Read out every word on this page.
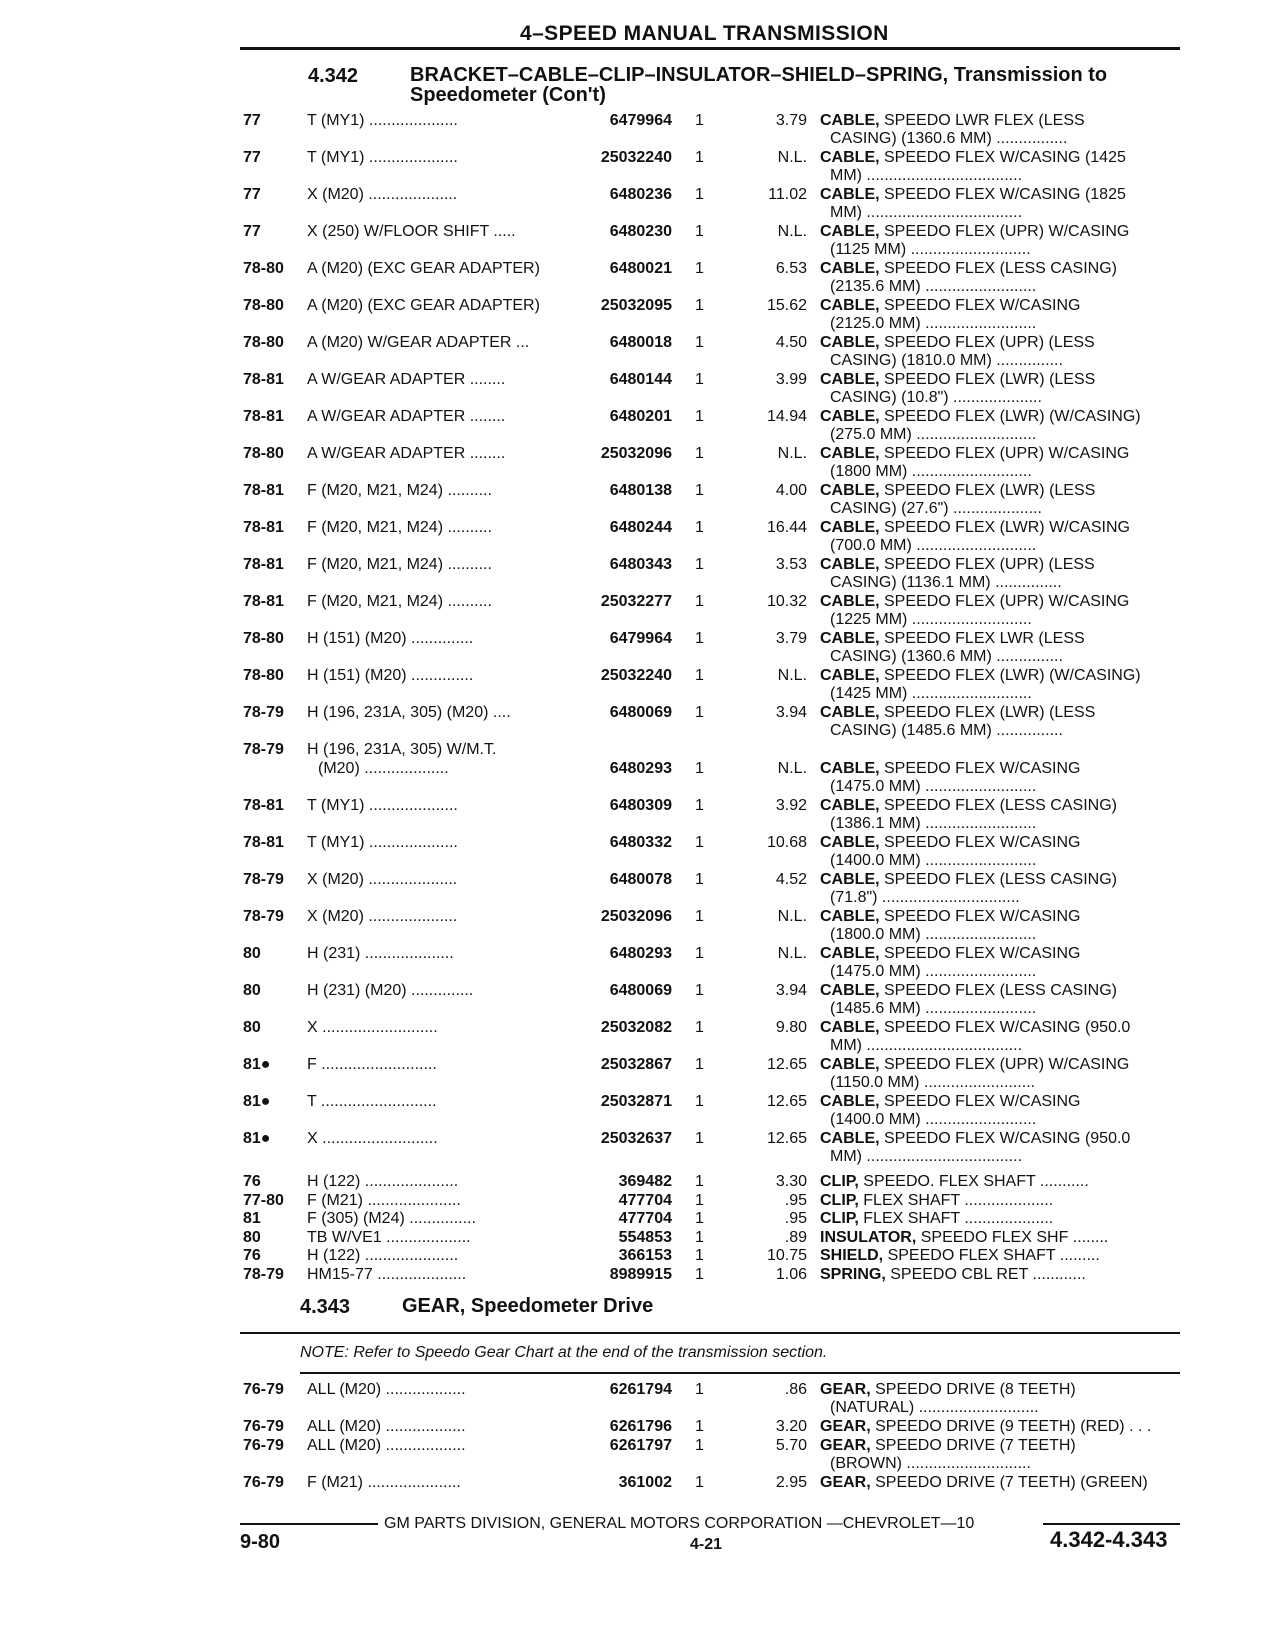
4–SPEED MANUAL TRANSMISSION
4.342	BRACKET–CABLE–CLIP–INSULATOR–SHIELD–SPRING, Transmission to
Speedometer (Con't)
77	T (MY1) ....................	6479964 1	3.79 CABLE, SPEEDO LWR FLEX (LESS
CASING) (1360.6 MM) ................
77	T (MY1) ....................	25032240 1	N.L. CABLE, SPEEDO FLEX W/CASING (1425
MM) ...................................
77	X (M20) ....................	6480236 1	11.02 CABLE, SPEEDO FLEX W/CASING (1825
MM) ...................................
77	X (250) W/FLOOR SHIFT .....	6480230 1	N.L. CABLE, SPEEDO FLEX (UPR) W/CASING
(1125 MM) ...........................
78-80	A (M20) (EXC GEAR ADAPTER)	6480021 1	6.53 CABLE, SPEEDO FLEX (LESS CASING)
(2135.6 MM) .........................
78-80	A (M20) (EXC GEAR ADAPTER)	25032095 1	15.62 CABLE, SPEEDO FLEX W/CASING
(2125.0 MM) .........................
78-80	A (M20) W/GEAR ADAPTER ...	6480018 1	4.50 CABLE, SPEEDO FLEX (UPR) (LESS
CASING) (1810.0 MM) ...............
78-81	A W/GEAR ADAPTER ........	6480144 1	3.99 CABLE, SPEEDO FLEX (LWR) (LESS
CASING) (10.8") ....................
78-81	A W/GEAR ADAPTER ........	6480201 1	14.94 CABLE, SPEEDO FLEX (LWR) (W/CASING)
(275.0 MM) ...........................
78-80	A W/GEAR ADAPTER ........	25032096 1	N.L. CABLE, SPEEDO FLEX (UPR) W/CASING
(1800 MM) ...........................
78-81	F (M20, M21, M24) ..........	6480138 1	4.00 CABLE, SPEEDO FLEX (LWR) (LESS
CASING) (27.6") ....................
78-81	F (M20, M21, M24) ..........	6480244 1	16.44 CABLE, SPEEDO FLEX (LWR) W/CASING
(700.0 MM) ...........................
78-81	F (M20, M21, M24) ..........	6480343 1	3.53 CABLE, SPEEDO FLEX (UPR) (LESS
CASING) (1136.1 MM) ...............
78-81	F (M20, M21, M24) ..........	25032277 1	10.32 CABLE, SPEEDO FLEX (UPR) W/CASING
(1225 MM) ...........................
78-80	H (151) (M20) ..............	6479964 1	3.79 CABLE, SPEEDO FLEX LWR (LESS
CASING) (1360.6 MM) ...............
78-80	H (151) (M20) ..............	25032240 1	N.L. CABLE, SPEEDO FLEX (LWR) (W/CASING)
(1425 MM) ...........................
78-79	H (196, 231A, 305) (M20) ....	6480069 1	3.94 CABLE, SPEEDO FLEX (LWR) (LESS
CASING) (1485.6 MM) ...............
78-79	H (196, 231A, 305) W/M.T.
(M20) ...................	6480293 1	N.L. CABLE, SPEEDO FLEX W/CASING
(1475.0 MM) .........................
78-81	T (MY1) ....................	6480309 1	3.92 CABLE, SPEEDO FLEX (LESS CASING)
(1386.1 MM) .........................
78-81	T (MY1) ....................	6480332 1	10.68 CABLE, SPEEDO FLEX W/CASING
(1400.0 MM) .........................
78-79	X (M20) ....................	6480078 1	4.52 CABLE, SPEEDO FLEX (LESS CASING)
(71.8") ...............................
78-79	X (M20) ....................	25032096 1	N.L. CABLE, SPEEDO FLEX W/CASING
(1800.0 MM) .........................
80	H (231) ....................	6480293 1	N.L. CABLE, SPEEDO FLEX W/CASING
(1475.0 MM) .........................
80	H (231) (M20) ..............	6480069 1	3.94 CABLE, SPEEDO FLEX (LESS CASING)
(1485.6 MM) .........................
80	X ..........................	25032082 1	9.80 CABLE, SPEEDO FLEX W/CASING (950.0
MM) ...................................
81●	F ..........................	25032867 1	12.65 CABLE, SPEEDO FLEX (UPR) W/CASING
(1150.0 MM) .........................
81●	T ..........................	25032871 1	12.65 CABLE, SPEEDO FLEX W/CASING
(1400.0 MM) .........................
81●	X ..........................	25032637 1	12.65 CABLE, SPEEDO FLEX W/CASING (950.0
MM) ...................................
76	H (122) .....................	369482 1	3.30 CLIP, SPEEDO. FLEX SHAFT ...........
77-80	F (M21) .....................	477704 1	.95 CLIP, FLEX SHAFT ....................
81	F (305) (M24) ...............	477704 1	.95 CLIP, FLEX SHAFT ....................
80	TB W/VE1 ...................	554853 1	.89 INSULATOR, SPEEDO FLEX SHF ........
76	H (122) .....................	366153 1	10.75 SHIELD, SPEEDO FLEX SHAFT .........
78-79	HM15-77 ....................	8989915 1	1.06 SPRING, SPEEDO CBL RET ............
4.343	GEAR, Speedometer Drive
NOTE: Refer to Speedo Gear Chart at the end of the transmission section.
76-79	ALL (M20) ..................	6261794 1	.86 GEAR, SPEEDO DRIVE (8 TEETH)
(NATURAL) ...........................
76-79	ALL (M20) ..................	6261796 1	3.20 GEAR, SPEEDO DRIVE (9 TEETH) (RED) . . .
76-79	ALL (M20) ..................	6261797 1	5.70 GEAR, SPEEDO DRIVE (7 TEETH)
(BROWN) ............................
76-79	F (M21) .....................	361002 1	2.95 GEAR, SPEEDO DRIVE (7 TEETH) (GREEN)
GM PARTS DIVISION, GENERAL MOTORS CORPORATION —CHEVROLET—10
9-80	4-21	4.342-4.343
